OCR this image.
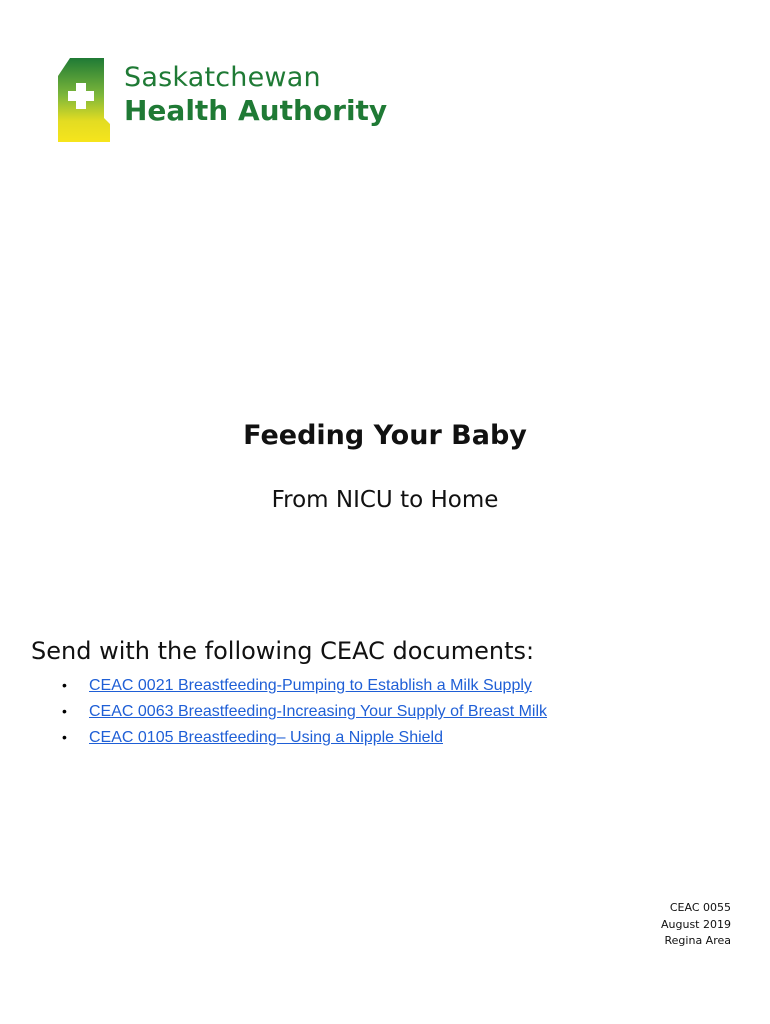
Saskatchewan
Health Authority
Feeding Your Baby
From NICU to Home
Send with the following CEAC documents:
• CEAC 0021 Breastfeeding-Pumping to Establish a Milk Supply
• CEAC 0063 Breastfeeding-Increasing Your Supply of Breast Milk
• CEAC 0105 Breastfeeding– Using a Nipple Shield
CEAC 0055
August 2019
Regina Area
